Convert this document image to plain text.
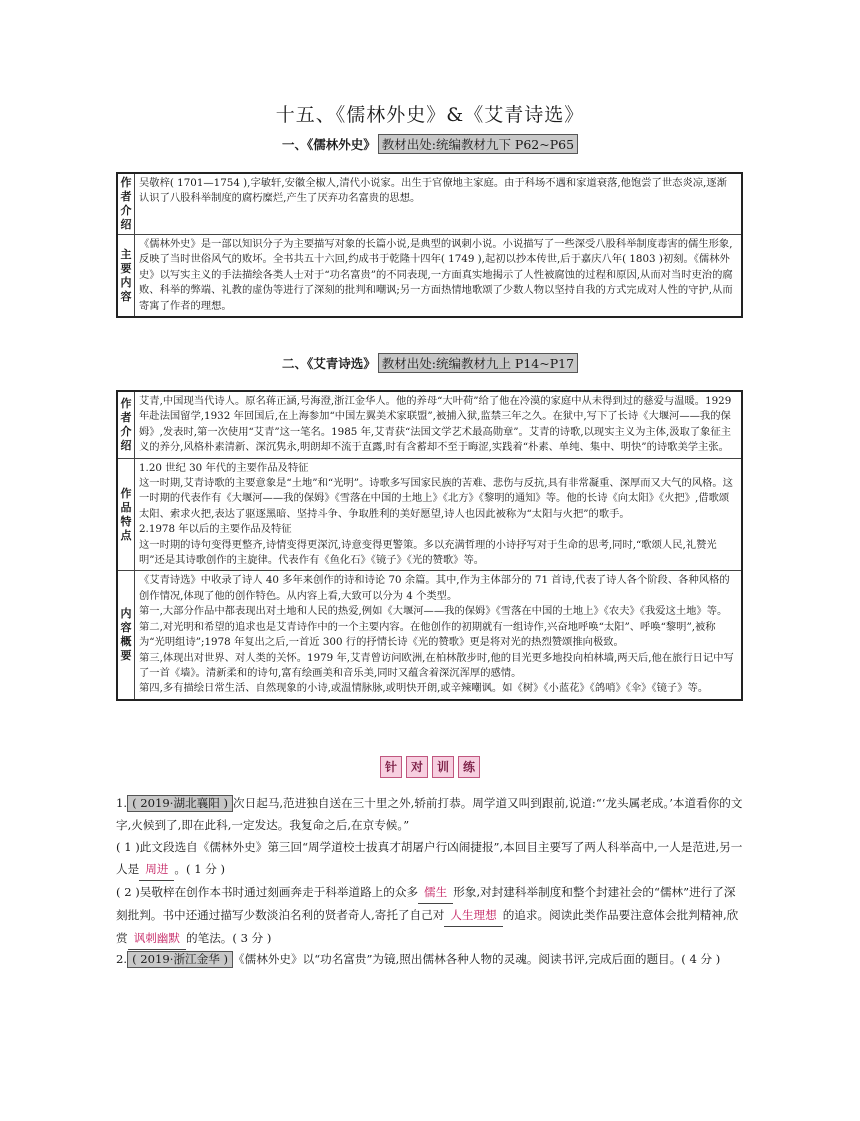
十五、《儒林外史》&《艾青诗选》
一、《儒林外史》 教材出处:统编教材九下 P62~P65
作者介绍	吴敬梓( 1701—1754 ),字敏轩,安徽全椒人,清代小说家。出生于官僚地主家庭。由于科场不遇和家道衰落,他饱尝了世态炎凉,逐渐认识了八股科举制度的腐朽糜烂,产生了厌弃功名富贵的思想。
主要内容	《儒林外史》是一部以知识分子为主要描写对象的长篇小说,是典型的讽刺小说。小说描写了一些深受八股科举制度毒害的儒生形象,反映了当时世俗风气的败坏。全书共五十六回,约成书于乾隆十四年( 1749 ),起初以抄本传世,后于嘉庆八年( 1803 )初刻。《儒林外史》以写实主义的手法描绘各类人士对于“功名富贵”的不同表现,一方面真实地揭示了人性被腐蚀的过程和原因,从而对当时吏治的腐败、科举的弊端、礼教的虚伪等进行了深刻的批判和嘲讽;另一方面热情地歌颂了少数人物以坚持自我的方式完成对人性的守护,从而寄寓了作者的理想。
二、《艾青诗选》 教材出处:统编教材九上 P14~P17
作者介绍	艾青,中国现当代诗人。原名蒋正涵,号海澄,浙江金华人。他的养母“大叶荷”给了他在冷漠的家庭中从未得到过的慈爱与温暖。1929 年赴法国留学,1932 年回国后,在上海参加“中国左翼美术家联盟”,被捕入狱,监禁三年之久。在狱中,写下了长诗《大堰河——我的保姆》,发表时,第一次使用“艾青”这一笔名。1985 年,艾青获“法国文学艺术最高勋章”。艾青的诗歌,以现实主义为主体,汲取了象征主义的养分,风格朴素清新、深沉隽永,明朗却不流于直露,时有含蓄却不至于晦涩,实践着“朴素、单纯、集中、明快”的诗歌美学主张。
作品特点	1.20 世纪 30 年代的主要作品及特征
这一时期,艾青诗歌的主要意象是“土地”和“光明”。诗歌多写国家民族的苦难、悲伤与反抗,具有非常凝重、深厚而又大气的风格。这一时期的代表作有《大堰河——我的保姆》《雪落在中国的土地上》《北方》《黎明的通知》等。他的长诗《向太阳》《火把》,借歌颂太阳、索求火把,表达了驱逐黑暗、坚持斗争、争取胜利的美好愿望,诗人也因此被称为“太阳与火把”的歌手。
2.1978 年以后的主要作品及特征
这一时期的诗句变得更整齐,诗情变得更深沉,诗意变得更警策。多以充满哲理的小诗抒写对于生命的思考,同时,“歌颂人民,礼赞光明”还是其诗歌创作的主旋律。代表作有《鱼化石》《镜子》《光的赞歌》等。
内容概要	《艾青诗选》中收录了诗人 40 多年来创作的诗和诗论 70 余篇。其中,作为主体部分的 71 首诗,代表了诗人各个阶段、各种风格的创作情况,体现了他的创作特色。从内容上看,大致可以分为 4 个类型。
第一,大部分作品中都表现出对土地和人民的热爱,例如《大堰河——我的保姆》《雪落在中国的土地上》《农夫》《我爱这土地》等。
第二,对光明和希望的追求也是艾青诗作中的一个主要内容。在他创作的初期就有一组诗作,兴奋地呼唤“太阳”、呼唤“黎明”,被称为“光明组诗”;1978 年复出之后,一首近 300 行的抒情长诗《光的赞歌》更是将对光的热烈赞颂推向极致。
第三,体现出对世界、对人类的关怀。1979 年,艾青曾访问欧洲,在柏林散步时,他的目光更多地投向柏林墙,两天后,他在旅行日记中写了一首《墙》。清新柔和的诗句,富有绘画美和音乐美,同时又蕴含着深沉浑厚的感情。
第四,多有描绘日常生活、自然现象的小诗,或温情脉脉,或明快开朗,或辛辣嘲讽。如《树》《小蓝花》《鸽哨》《伞》《镜子》等。
针 对 训 练
1. ( 2019·湖北襄阳 ) 次日起马,范进独自送在三十里之外,轿前打恭。周学道又叫到跟前,说道:“‘龙头属老成。’本道看你的文字,火候到了,即在此科,一定发达。我复命之后,在京专候。”
( 1 )此文段选自《儒林外史》第三回“周学道校士拔真才胡屠户行凶闹捷报”,本回目主要写了两人科举高中,一人是范进,另一人是 周进 。( 1 分 )
( 2 )吴敬梓在创作本书时通过刻画奔走于科举道路上的众多 儒生 形象,对封建科举制度和整个封建社会的“儒林”进行了深刻批判。书中还通过描写少数淡泊名利的贤者奇人,寄托了自己对 人生理想 的追求。阅读此类作品要注意体会批判精神,欣赏 讽刺幽默 的笔法。( 3 分 )
2. ( 2019·浙江金华 ) 《儒林外史》以“功名富贵”为镜,照出儒林各种人物的灵魂。阅读书评,完成后面的题目。( 4 分 )
